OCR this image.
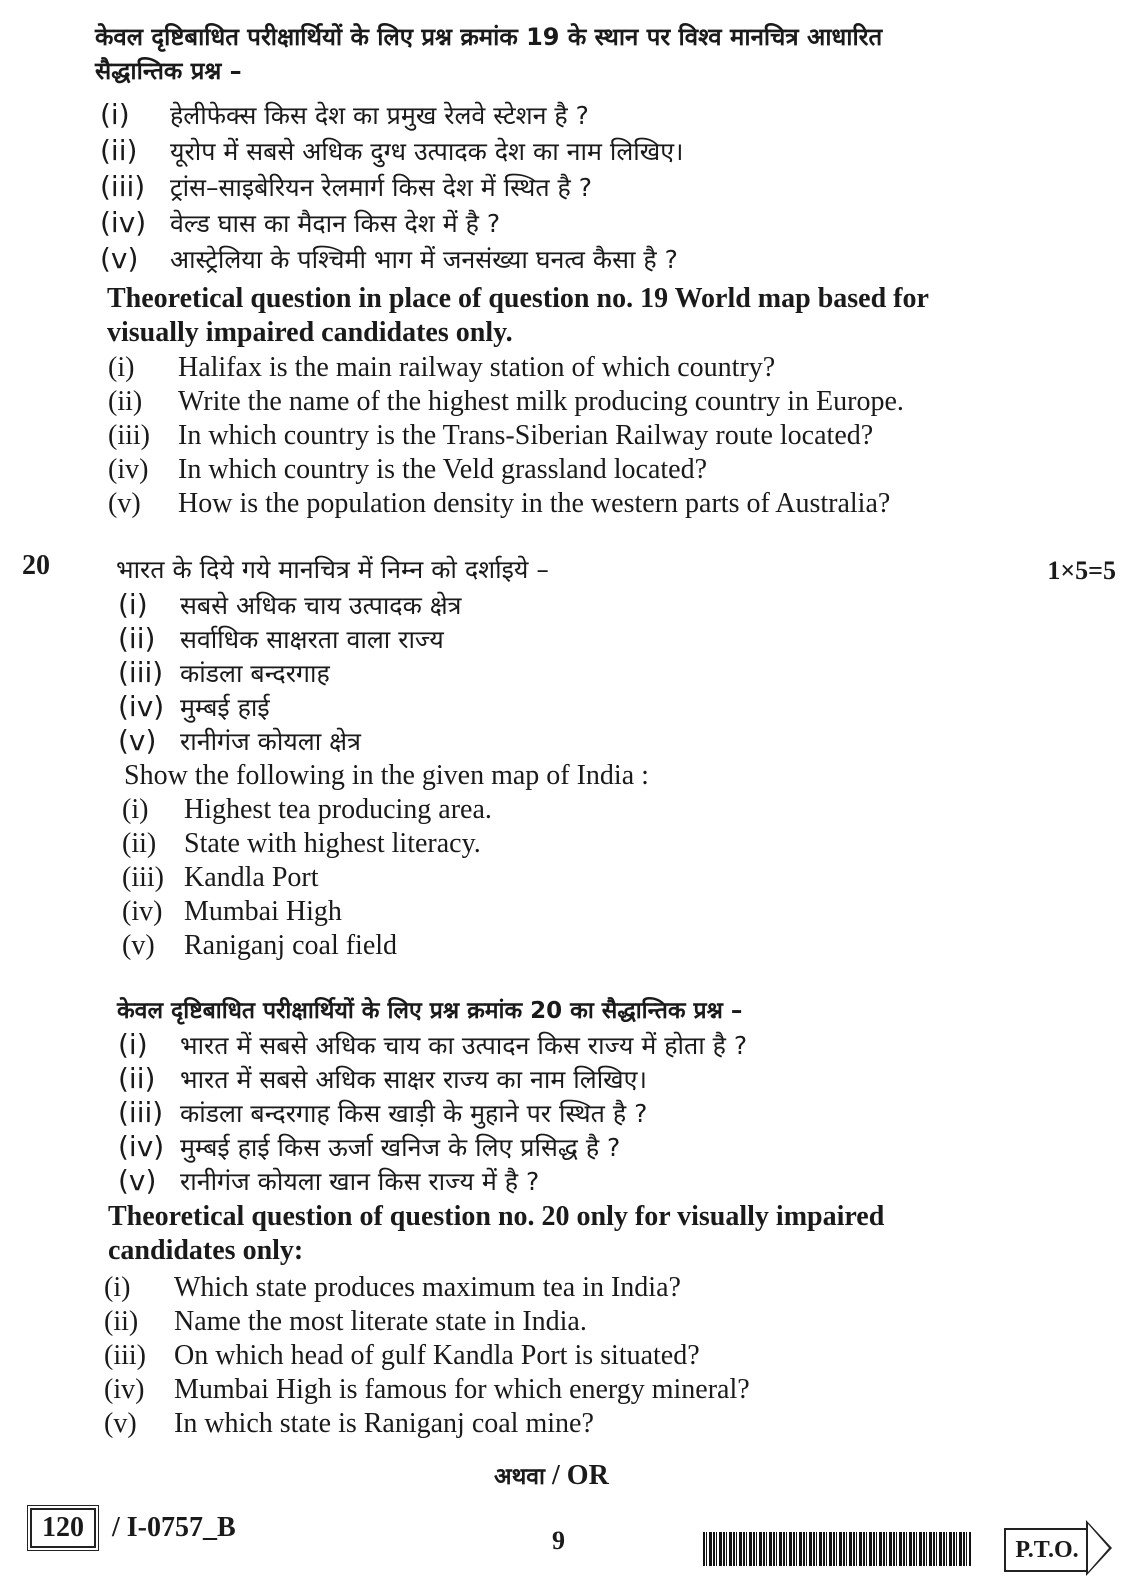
केवल दृष्टिबाधित परीक्षार्थियों के लिए प्रश्न क्रमांक 19 के स्थान पर विश्व मानचित्र आधारित
सैद्धान्तिक प्रश्न –
(i) हेलीफेक्स किस देश का प्रमुख रेलवे स्टेशन है ?
(ii) यूरोप में सबसे अधिक दुग्ध उत्पादक देश का नाम लिखिए।
(iii) ट्रांस–साइबेरियन रेलमार्ग किस देश में स्थित है ?
(iv) वेल्ड घास का मैदान किस देश में है ?
(v) आस्ट्रेलिया के पश्चिमी भाग में जनसंख्या घनत्व कैसा है ?
Theoretical question in place of question no. 19 World map based for
visually impaired candidates only.
(i) Halifax is the main railway station of which country?
(ii) Write the name of the highest milk producing country in Europe.
(iii) In which country is the Trans-Siberian Railway route located?
(iv) In which country is the Veld grassland located?
(v) How is the population density in the western parts of Australia?
20	भारत के दिये गये मानचित्र में निम्न को दर्शाइये –	1×5=5
(i) सबसे अधिक चाय उत्पादक क्षेत्र
(ii) सर्वाधिक साक्षरता वाला राज्य
(iii) कांडला बन्दरगाह
(iv) मुम्बई हाई
(v) रानीगंज कोयला क्षेत्र
Show the following in the given map of India :
(i) Highest tea producing area.
(ii) State with highest literacy.
(iii) Kandla Port
(iv) Mumbai High
(v) Raniganj coal field
केवल दृष्टिबाधित परीक्षार्थियों के लिए प्रश्न क्रमांक 20 का सैद्धान्तिक प्रश्न –
(i) भारत में सबसे अधिक चाय का उत्पादन किस राज्य में होता है ?
(ii) भारत में सबसे अधिक साक्षर राज्य का नाम लिखिए।
(iii) कांडला बन्दरगाह किस खाड़ी के मुहाने पर स्थित है ?
(iv) मुम्बई हाई किस ऊर्जा खनिज के लिए प्रसिद्ध है ?
(v) रानीगंज कोयला खान किस राज्य में है ?
Theoretical question of question no. 20 only for visually impaired
candidates only:
(i) Which state produces maximum tea in India?
(ii) Name the most literate state in India.
(iii) On which head of gulf Kandla Port is situated?
(iv) Mumbai High is famous for which energy mineral?
(v) In which state is Raniganj coal mine?
अथवा / OR
120	/ I-0757_B	9	P.T.O.
